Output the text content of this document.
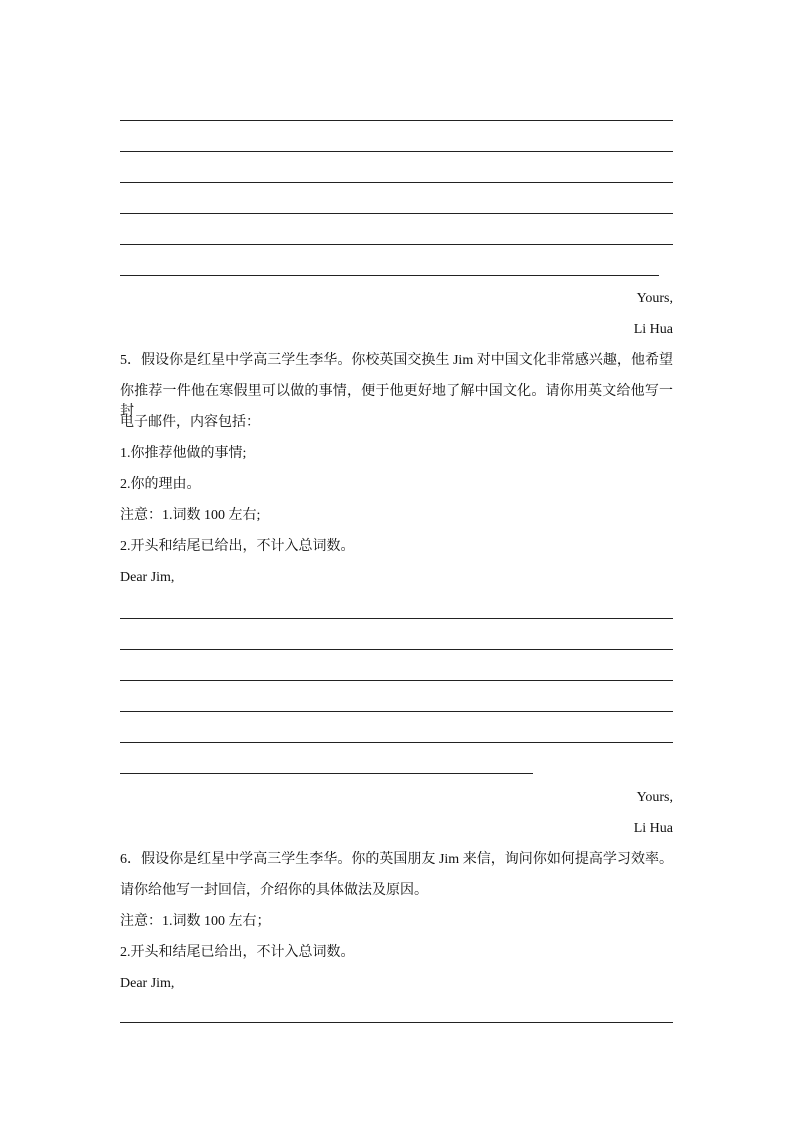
Yours,
Li Hua
5．假设你是红星中学高三学生李华。你校英国交换生 Jim 对中国文化非常感兴趣，他希望
你推荐一件他在寒假里可以做的事情，便于他更好地了解中国文化。请你用英文给他写一封
电子邮件，内容包括：
1.你推荐他做的事情;
2.你的理由。
注意：1.词数 100 左右;
2.开头和结尾已给出，不计入总词数。
Dear Jim,
Yours,
Li Hua
6．假设你是红星中学高三学生李华。你的英国朋友 Jim 来信，询问你如何提高学习效率。
请你给他写一封回信，介绍你的具体做法及原因。
注意：1.词数 100 左右；
2.开头和结尾已给出，不计入总词数。
Dear Jim,
